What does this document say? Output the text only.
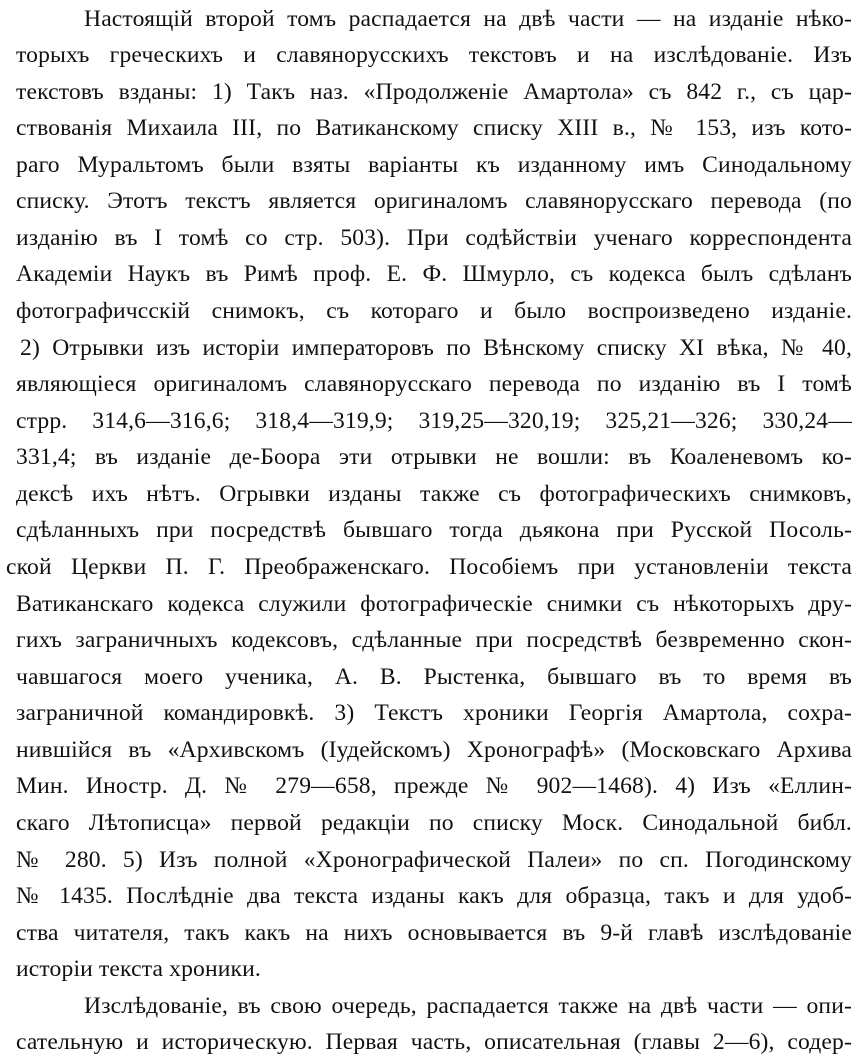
Настоящій второй томъ распадается на двѣ части — на изданіе нѣко-
торыхъ греческихъ и славянорусскихъ текстовъ и на изслѣдованіе. Изъ
текстовъ взданы: 1) Такъ наз. «Продолженіе Амартола» съ 842 г., съ цар-
ствованія Михаила III, по Ватиканскому списку XIII в., № 153, изъ кото-
раго Муральтомъ были взяты варіанты къ изданному имъ Синодальному
списку. Этотъ текстъ является оригиналомъ славянорусскаго перевода (по
изданію въ I томѣ со стр. 503). При содѣйствіи ученаго корреспондента
Академіи Наукъ въ Римѣ проф. Е. Ф. Шмурло, съ кодекса былъ сдѣланъ
фотографичсскій снимокъ, съ котораго и было воспроизведено изданіе.
2) Отрывки изъ исторіи императоровъ по Вѣнскому списку XI вѣка, № 40,
являющіеся оригиналомъ славянорусскаго перевода по изданію въ I томѣ
стрр. 314,6—316,6; 318,4—319,9; 319,25—320,19; 325,21—326; 330,24—
331,4; въ изданіе де-Боора эти отрывки не вошли: въ Коаленевомъ ко-
дексѣ ихъ нѣтъ. Огрывки изданы также съ фотографическихъ снимковъ,
сдѣланныхъ при посредствѣ бывшаго тогда дьякона при Русской Посоль-
ской Церкви П. Г. Преображенскаго. Пособіемъ при установленіи текста
Ватиканскаго кодекса служили фотографическіе снимки съ нѣкоторыхъ дру-
гихъ заграничныхъ кодексовъ, сдѣланные при посредствѣ безвременно скон-
чавшагося моего ученика, А. В. Рыстенка, бывшаго въ то время въ
заграничной командировкѣ. 3) Текстъ хроники Георгія Амартола, сохра-
нившійся въ «Архивскомъ (Іудейскомъ) Хронографѣ» (Московскаго Архива
Мин. Иностр. Д. № 279—658, прежде № 902—1468). 4) Изъ «Еллин-
скаго Лѣтописца» первой редакціи по списку Моск. Синодальной библ.
№ 280. 5) Изъ полной «Хронографической Палеи» по сп. Погодинскому
№ 1435. Послѣдніе два текста изданы какъ для образца, такъ и для удоб-
ства читателя, такъ какъ на нихъ основывается въ 9-й главѣ изслѣдованіе
исторіи текста хроники.
Изслѣдованіе, въ свою очередь, распадается также на двѣ части — опи-
сательную и историческую. Первая часть, описательная (главы 2—6), содер-
